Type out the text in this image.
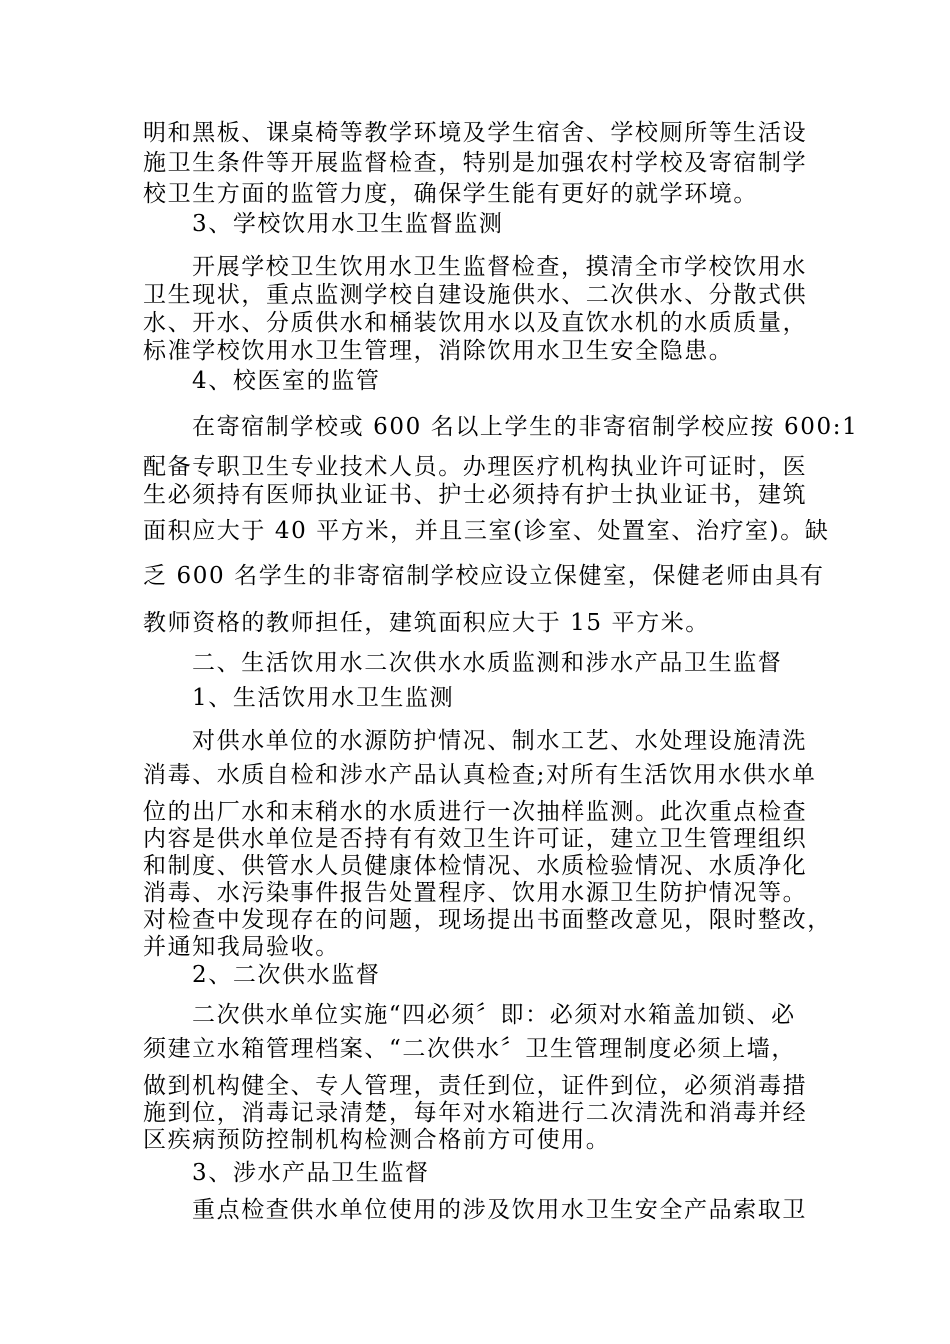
明和黑板、课桌椅等教学环境及学生宿舍、学校厕所等生活设
施卫生条件等开展监督检查，特别是加强农村学校及寄宿制学
校卫生方面的监管力度，确保学生能有更好的就学环境。
3、学校饮用水卫生监督监测
开展学校卫生饮用水卫生监督检查，摸清全市学校饮用水
卫生现状，重点监测学校自建设施供水、二次供水、分散式供
水、开水、分质供水和桶装饮用水以及直饮水机的水质质量，
标准学校饮用水卫生管理，消除饮用水卫生安全隐患。
4、校医室的监管
在寄宿制学校或 600 名以上学生的非寄宿制学校应按 600:1
配备专职卫生专业技术人员。办理医疗机构执业许可证时，医
生必须持有医师执业证书、护士必须持有护士执业证书，建筑
面积应大于 40 平方米，并且三室(诊室、处置室、治疗室)。缺
乏 600 名学生的非寄宿制学校应设立保健室，保健老师由具有
教师资格的教师担任，建筑面积应大于 15 平方米。
二、生活饮用水二次供水水质监测和涉水产品卫生监督
1、生活饮用水卫生监测
对供水单位的水源防护情况、制水工艺、水处理设施清洗
消毒、水质自检和涉水产品认真检查;对所有生活饮用水供水单
位的出厂水和末稍水的水质进行一次抽样监测。此次重点检查
内容是供水单位是否持有有效卫生许可证，建立卫生管理组织
和制度、供管水人员健康体检情况、水质检验情况、水质净化
消毒、水污染事件报告处置程序、饮用水源卫生防护情况等。
对检查中发现存在的问题，现场提出书面整改意见，限时整改，
并通知我局验收。
2、二次供水监督
二次供水单位实施“四必须〞即：必须对水箱盖加锁、必
须建立水箱管理档案、“二次供水〞卫生管理制度必须上墙，
做到机构健全、专人管理，责任到位，证件到位，必须消毒措
施到位，消毒记录清楚，每年对水箱进行二次清洗和消毒并经
区疾病预防控制机构检测合格前方可使用。
3、涉水产品卫生监督
重点检查供水单位使用的涉及饮用水卫生安全产品索取卫
